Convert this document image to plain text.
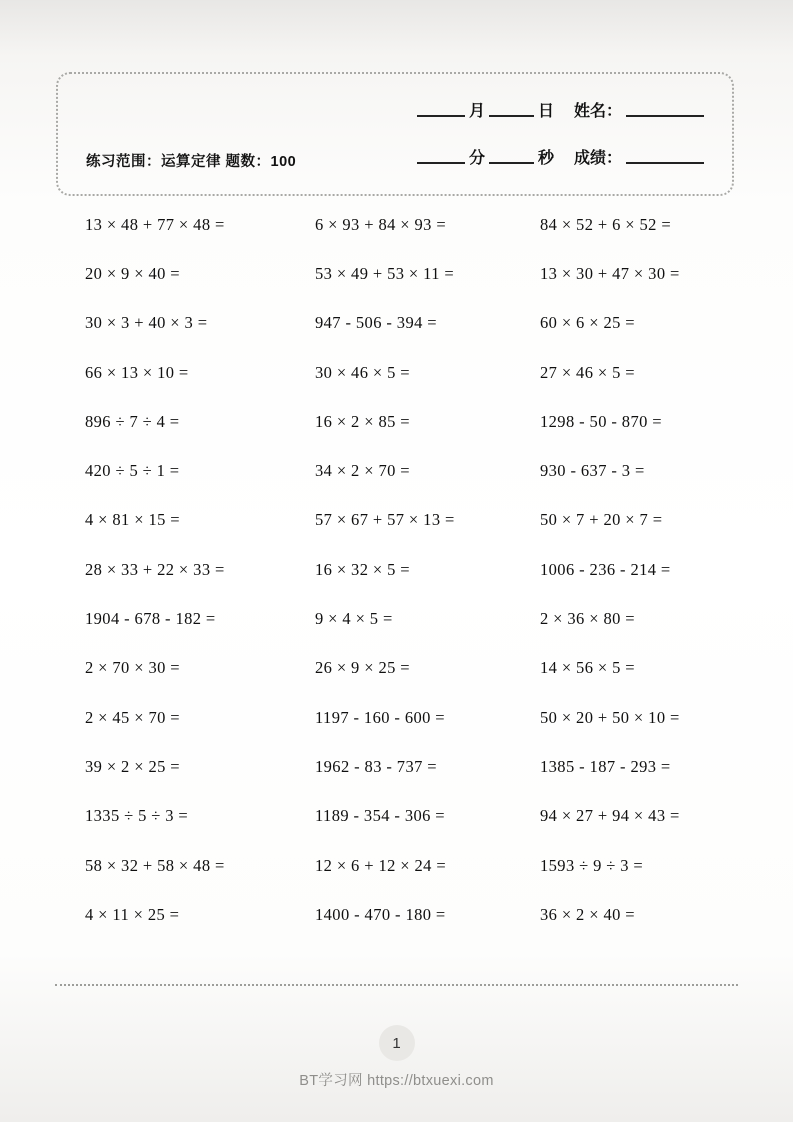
练习范围：运算定律 题数：100
月	日 姓名：
分	秒 成绩：
13 × 48 + 77 × 48 =	6 × 93 + 84 × 93 =	84 × 52 + 6 × 52 =
20 × 9 × 40 =	53 × 49 + 53 × 11 =	13 × 30 + 47 × 30 =
30 × 3 + 40 × 3 =	947 - 506 - 394 =	60 × 6 × 25 =
66 × 13 × 10 =	30 × 46 × 5 =	27 × 46 × 5 =
896 ÷ 7 ÷ 4 =	16 × 2 × 85 =	1298 - 50 - 870 =
420 ÷ 5 ÷ 1 =	34 × 2 × 70 =	930 - 637 - 3 =
4 × 81 × 15 =	57 × 67 + 57 × 13 =	50 × 7 + 20 × 7 =
28 × 33 + 22 × 33 =	16 × 32 × 5 =	1006 - 236 - 214 =
1904 - 678 - 182 =	9 × 4 × 5 =	2 × 36 × 80 =
2 × 70 × 30 =	26 × 9 × 25 =	14 × 56 × 5 =
2 × 45 × 70 =	1197 - 160 - 600 =	50 × 20 + 50 × 10 =
39 × 2 × 25 =	1962 - 83 - 737 =	1385 - 187 - 293 =
1335 ÷ 5 ÷ 3 =	1189 - 354 - 306 =	94 × 27 + 94 × 43 =
58 × 32 + 58 × 48 =	12 × 6 + 12 × 24 =	1593 ÷ 9 ÷ 3 =
4 × 11 × 25 =	1400 - 470 - 180 =	36 × 2 × 40 =
1
BT学习网 https://btxuexi.com
